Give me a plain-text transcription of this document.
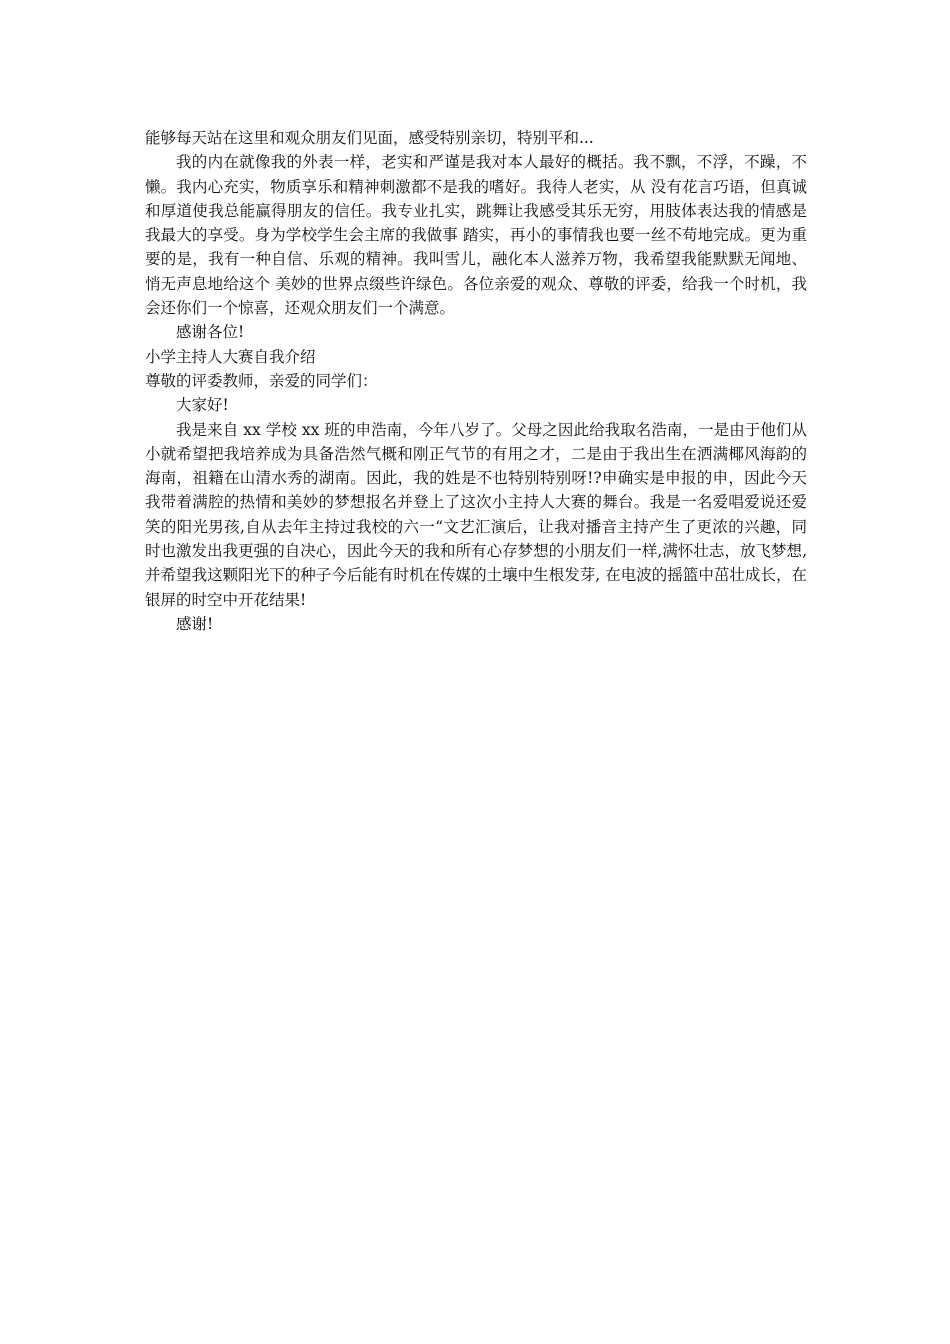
能够每天站在这里和观众朋友们见面，感受特别亲切，特别平和...

我的内在就像我的外表一样，老实和严谨是我对本人最好的概括。我不飘，不浮，不躁，不懒。我内心充实，物质享乐和精神刺激都不是我的嗜好。我待人老实，从 没有花言巧语，但真诚和厚道使我总能赢得朋友的信任。我专业扎实，跳舞让我感受其乐无穷，用肢体表达我的情感是我最大的享受。身为学校学生会主席的我做事 踏实，再小的事情我也要一丝不苟地完成。更为重要的是，我有一种自信、乐观的精神。我叫雪儿，融化本人滋养万物，我希望我能默默无闻地、悄无声息地给这个 美妙的世界点缀些许绿色。各位亲爱的观众、尊敬的评委，给我一个时机，我会还你们一个惊喜，还观众朋友们一个满意。

感谢各位!

小学主持人大赛自我介绍

尊敬的评委教师，亲爱的同学们：

大家好!

我是来自 xx 学校 xx 班的申浩南，今年八岁了。父母之因此给我取名浩南，一是由于他们从小就希望把我培养成为具备浩然气概和刚正气节的有用之才，二是由于我出生在洒满椰风海韵的海南，祖籍在山清水秀的湖南。因此，我的姓是不也特别特别呀!?申确实是申报的申，因此今天我带着满腔的热情和美妙的梦想报名并登上了这次小主持人大赛的舞台。我是一名爱唱爱说还爱笑的阳光男孩,自从去年主持过我校的六一“文艺汇演后，让我对播音主持产生了更浓的兴趣，同时也激发出我更强的自决心，因此今天的我和所有心存梦想的小朋友们一样,满怀壮志，放飞梦想,并希望我这颗阳光下的种子今后能有时机在传媒的土壤中生根发芽, 在电波的摇篮中茁壮成长，在银屏的时空中开花结果!

感谢!
